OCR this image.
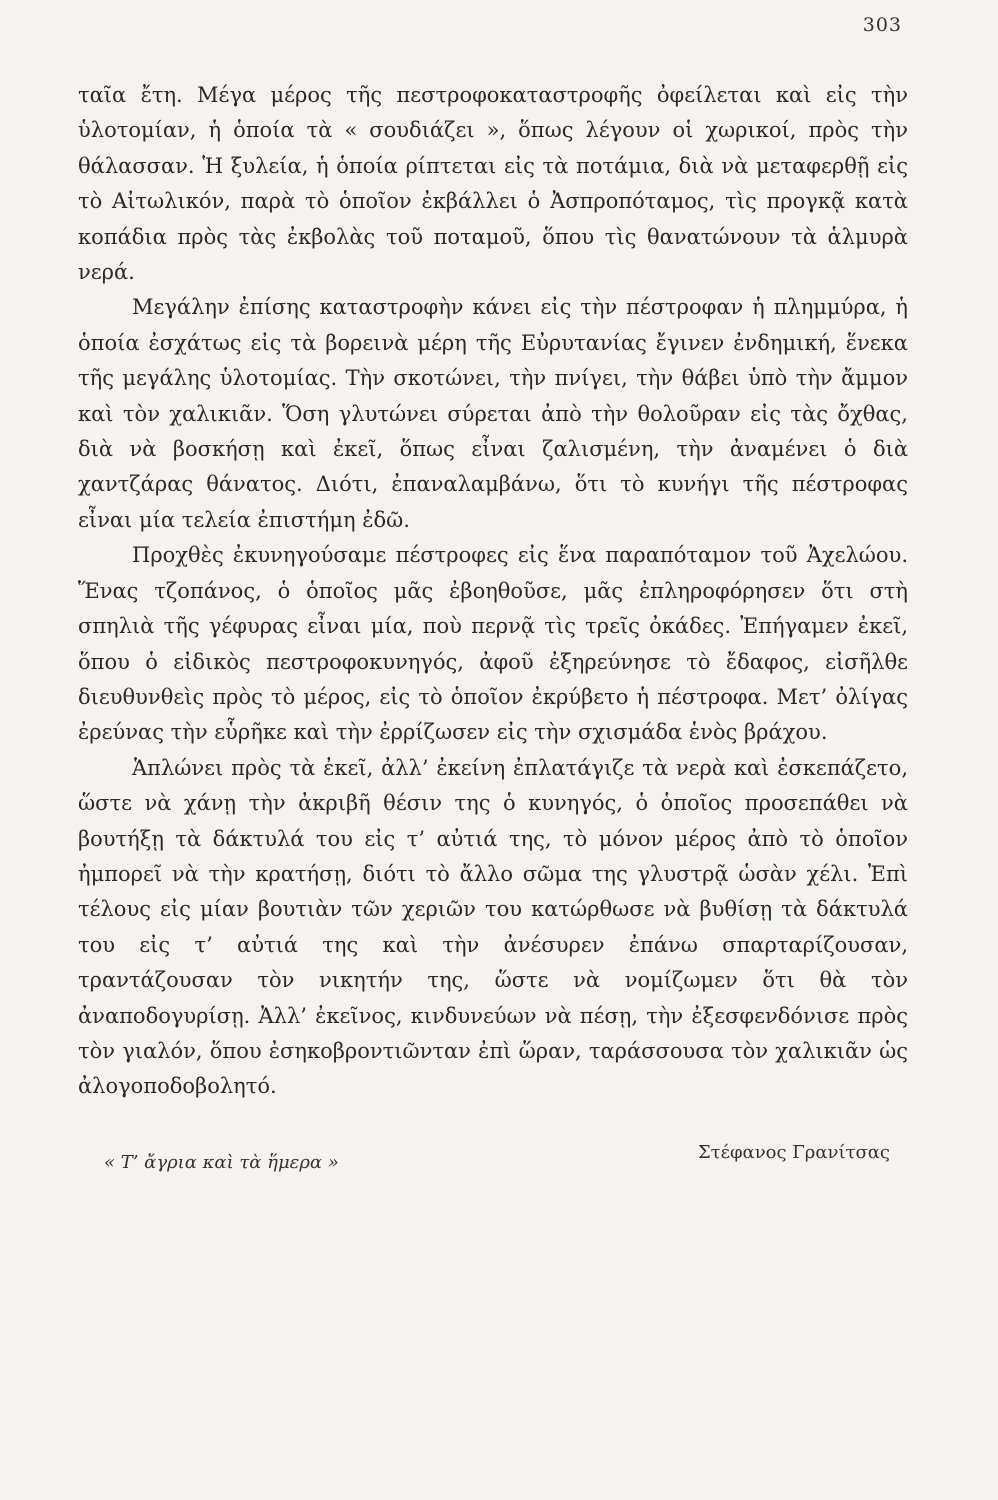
303

ταῖα ἔτη. Μέγα μέρος τῆς πεστροφοκαταστροφῆς ὀφείλεται καὶ εἰς τὴν ὑλοτομίαν, ἡ ὁποία τὰ « σουδιάζει », ὅπως λέγουν οἱ χωρικοί, πρὸς τὴν θάλασσαν. Ἡ ξυλεία, ἡ ὁποία ρίπτεται εἰς τὰ ποτάμια, διὰ νὰ μεταφερθῇ εἰς τὸ Αἰτωλικόν, παρὰ τὸ ὁποῖον ἐκβάλλει ὁ Ἀσπροπόταμος, τὶς προγκᾷ κατὰ κοπάδια πρὸς τὰς ἐκβολὰς τοῦ ποταμοῦ, ὅπου τὶς θανατώνουν τὰ ἁλμυρὰ νερά.

Μεγάλην ἐπίσης καταστροφὴν κάνει εἰς τὴν πέστροφαν ἡ πλημμύρα, ἡ ὁποία ἐσχάτως εἰς τὰ βορεινὰ μέρη τῆς Εὐρυτανίας ἔγινεν ἐνδημική, ἕνεκα τῆς μεγάλης ὑλοτομίας. Τὴν σκοτώνει, τὴν πνίγει, τὴν θάβει ὑπὸ τὴν ἄμμον καὶ τὸν χαλικιᾶν. Ὅση γλυτώνει σύρεται ἀπὸ τὴν θολοῦραν εἰς τὰς ὄχθας, διὰ νὰ βοσκήσῃ καὶ ἐκεῖ, ὅπως εἶναι ζαλισμένη, τὴν ἀναμένει ὁ διὰ χαντζάρας θάνατος. Διότι, ἐπαναλαμβάνω, ὅτι τὸ κυνήγι τῆς πέστροφας εἶναι μία τελεία ἐπιστήμη ἐδῶ.

Προχθὲς ἐκυνηγούσαμε πέστροφες εἰς ἕνα παραπόταμον τοῦ Ἀχελώου. Ἕνας τζοπάνος, ὁ ὁποῖος μᾶς ἐβοηθοῦσε, μᾶς ἐπληροφόρησεν ὅτι στὴ σπηλιὰ τῆς γέφυρας εἶναι μία, ποὺ περνᾷ τὶς τρεῖς ὀκάδες. Ἐπήγαμεν ἐκεῖ, ὅπου ὁ εἰδικὸς πεστροφοκυνηγός, ἀφοῦ ἐξηρεύνησε τὸ ἔδαφος, εἰσῆλθε διευθυνθεὶς πρὸς τὸ μέρος, εἰς τὸ ὁποῖον ἐκρύβετο ἡ πέστροφα. Μετ’ ὀλίγας ἐρεύνας τὴν εὗρῆκε καὶ τὴν ἐρρίζωσεν εἰς τὴν σχισμάδα ἑνὸς βράχου.

Ἁπλώνει πρὸς τὰ ἐκεῖ, ἀλλ’ ἐκείνη ἐπλατάγιζε τὰ νερὰ καὶ ἐσκεπάζετο, ὥστε νὰ χάνῃ τὴν ἀκριβῆ θέσιν της ὁ κυνηγός, ὁ ὁποῖος προσεπάθει νὰ βουτήξῃ τὰ δάκτυλά του εἰς τ’ αὐτιά της, τὸ μόνον μέρος ἀπὸ τὸ ὁποῖον ἠμπορεῖ νὰ τὴν κρατήσῃ, διότι τὸ ἄλλο σῶμα της γλυστρᾷ ὡσὰν χέλι. Ἐπὶ τέλους εἰς μίαν βουτιὰν τῶν χεριῶν του κατώρθωσε νὰ βυθίσῃ τὰ δάκτυλά του εἰς τ’ αὐτιά της καὶ τὴν ἀνέσυρεν ἐπάνω σπαρταρίζουσαν, τραντάζουσαν τὸν νικητήν της, ὥστε νὰ νομίζωμεν ὅτι θὰ τὸν ἀναποδογυρίσῃ. Ἀλλ’ ἐκεῖνος, κινδυνεύων νὰ πέσῃ, τὴν ἐξεσφενδόνισε πρὸς τὸν γιαλόν, ὅπου ἐσηκοβροντιῶνταν ἐπὶ ὥραν, ταράσσουσα τὸν χαλικιᾶν ὡς ἀλογοποδοβολητό.

« Τ’ ἄγρια καὶ τὰ ἥμερα »	Στέφανος Γρανίτσας
